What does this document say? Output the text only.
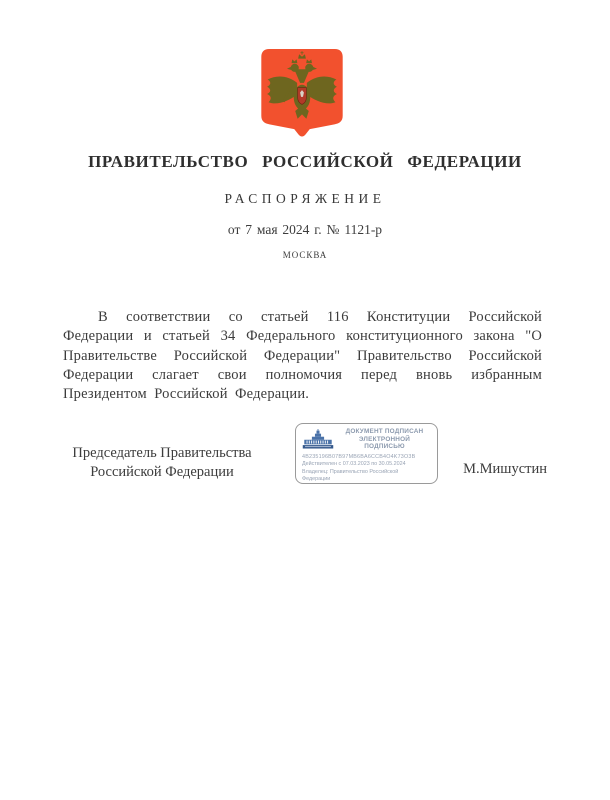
ПРАВИТЕЛЬСТВО РОССИЙСКОЙ ФЕДЕРАЦИИ
РАСПОРЯЖЕНИЕ
от 7 мая 2024 г. № 1121-р
МОСКВА

В соответствии со статьей 116 Конституции Российской Федерации и статьей 34 Федерального конституционного закона "О Правительстве Российской Федерации" Правительство Российской Федерации слагает свои полномочия перед вновь избранным Президентом Российской Федерации.

Председатель Правительства
Российской Федерации
ДОКУМЕНТ ПОДПИСАН
ЭЛЕКТРОННОЙ ПОДПИСЬЮ
4B235196B07B97MB6BA6CCB4O4K73O3B
Действителен с 07.03.2023 по 30.05.2024
Владелец: Правительство Российской Федерации
М.Мишустин
